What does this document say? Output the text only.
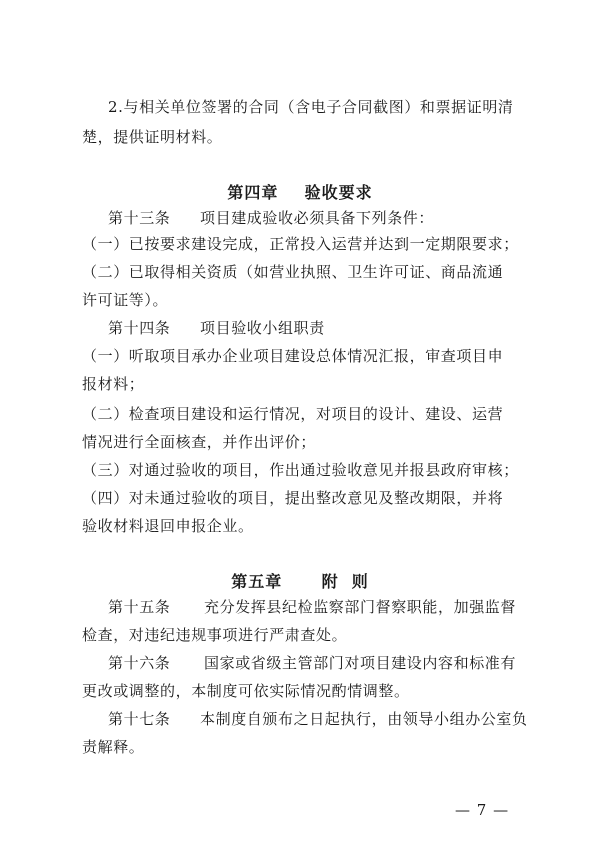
2.与相关单位签署的合同（含电子合同截图）和票据证明清
楚，提供证明材料。
第四章    验收要求
第十三条 项目建成验收必须具备下列条件：
（一）已按要求建设完成，正常投入运营并达到一定期限要求；
（二）已取得相关资质（如营业执照、卫生许可证、商品流通
许可证等）。
第十四条 项目验收小组职责
（一）听取项目承办企业项目建设总体情况汇报，审查项目申
报材料；
（二）检查项目建设和运行情况，对项目的设计、建设、运营
情况进行全面核查，并作出评价；
（三）对通过验收的项目，作出通过验收意见并报县政府审核；
（四）对未通过验收的项目，提出整改意见及整改期限，并将
验收材料退回申报企业。
第五章      附  则
第十五条 充分发挥县纪检监察部门督察职能，加强监督
检查，对违纪违规事项进行严肃查处。
第十六条 国家或省级主管部门对项目建设内容和标准有
更改或调整的，本制度可依实际情况酌情调整。
第十七条 本制度自颁布之日起执行，由领导小组办公室负
责解释。
— 7 —
